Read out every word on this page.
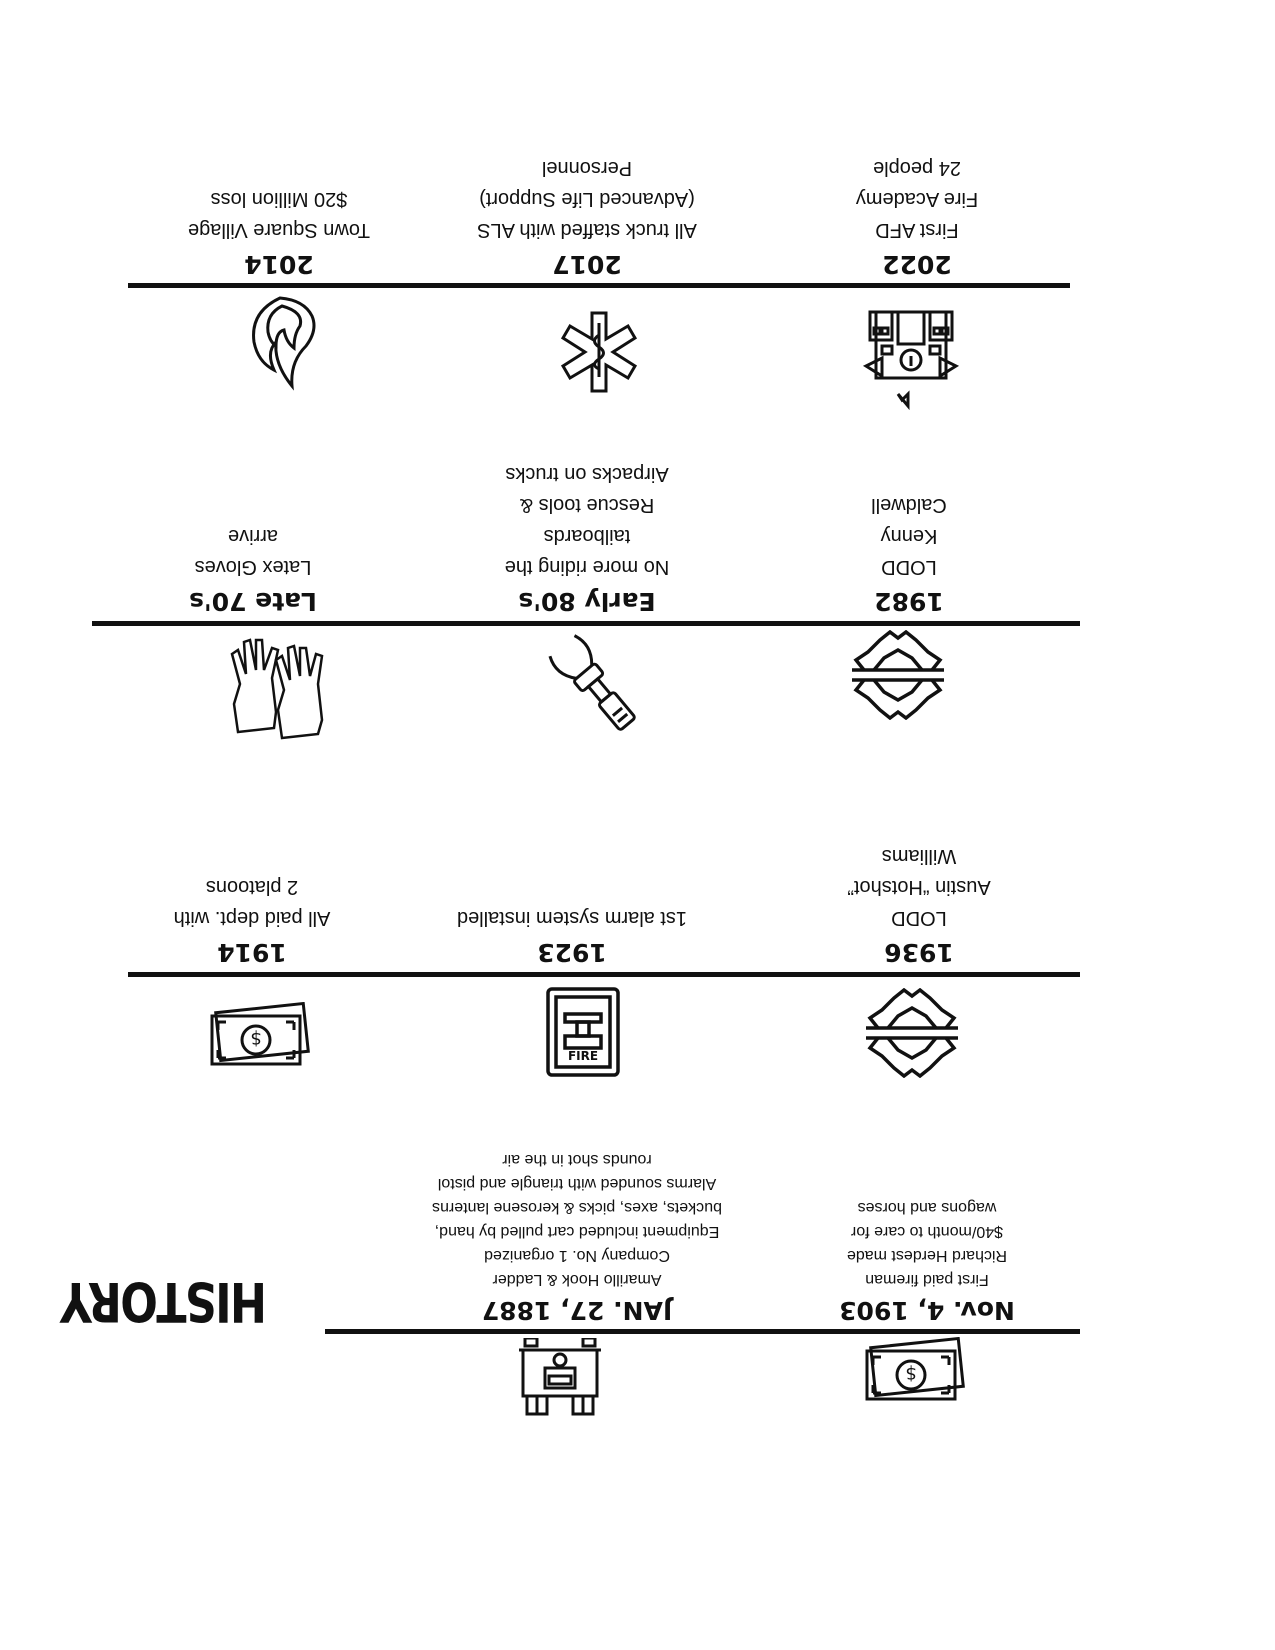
HISTORY	JAN. 27, 1887
Amarillo Hook & Ladder
Company No. 1 organized
Equipment included cart pulled by hand,
buckets, axes, picks & kerosene lanterns
Alarms sounded with triangle and pistol
rounds shot in the air
$
Nov. 4, 1903
First paid fireman
Richard Herdest made
$40/month to care for
wagons and horses
$
1914
All paid dept. with
2 platoons
FIRE
1923
1st alarm system installed
1936
LODD
Austin “Hotshot”
Williams
Late 70's
Latex Gloves
arrive
Early 80's
No more riding the
tailboards
Rescue tools &
Airpacks on trucks
1982
LODD
Kenny
Caldwell
2014
Town Square Village
$20 Million loss
2017
All truck staffed with ALS
(Advanced Life Support)
Personnel
2022
First AFD
Fire Academy
24 people
